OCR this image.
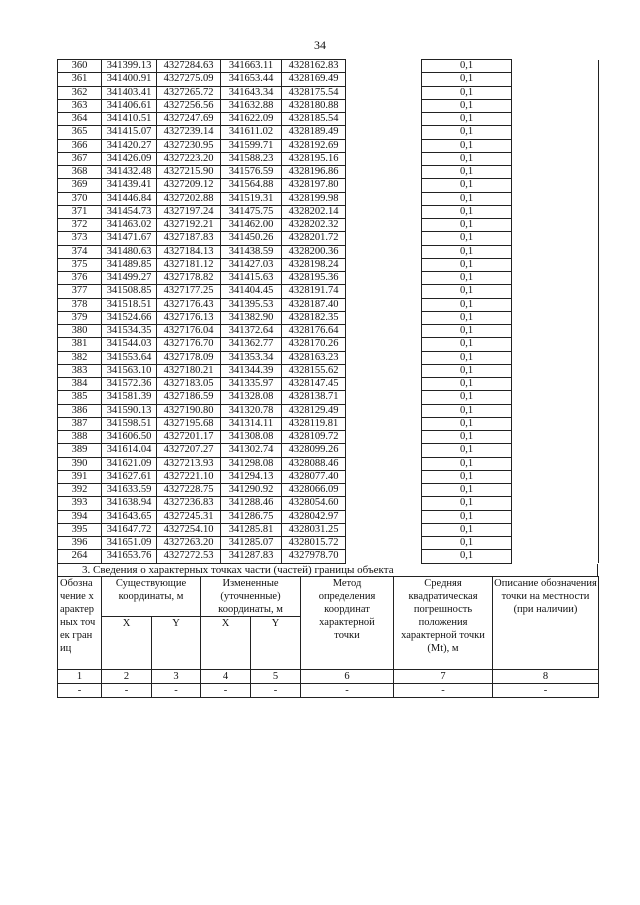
34
360	341399.13	4327284.63	341663.11	4328162.83		0,1	
361	341400.91	4327275.09	341653.44	4328169.49		0,1	
362	341403.41	4327265.72	341643.34	4328175.54		0,1	
363	341406.61	4327256.56	341632.88	4328180.88		0,1	
364	341410.51	4327247.69	341622.09	4328185.54		0,1	
365	341415.07	4327239.14	341611.02	4328189.49		0,1	
366	341420.27	4327230.95	341599.71	4328192.69		0,1	
367	341426.09	4327223.20	341588.23	4328195.16		0,1	
368	341432.48	4327215.90	341576.59	4328196.86		0,1	
369	341439.41	4327209.12	341564.88	4328197.80		0,1	
370	341446.84	4327202.88	341519.31	4328199.98		0,1	
371	341454.73	4327197.24	341475.75	4328202.14		0,1	
372	341463.02	4327192.21	341462.00	4328202.32		0,1	
373	341471.67	4327187.83	341450.26	4328201.72		0,1	
374	341480.63	4327184.13	341438.59	4328200.36		0,1	
375	341489.85	4327181.12	341427.03	4328198.24		0,1	
376	341499.27	4327178.82	341415.63	4328195.36		0,1	
377	341508.85	4327177.25	341404.45	4328191.74		0,1	
378	341518.51	4327176.43	341395.53	4328187.40		0,1	
379	341524.66	4327176.13	341382.90	4328182.35		0,1	
380	341534.35	4327176.04	341372.64	4328176.64		0,1	
381	341544.03	4327176.70	341362.77	4328170.26		0,1	
382	341553.64	4327178.09	341353.34	4328163.23		0,1	
383	341563.10	4327180.21	341344.39	4328155.62		0,1	
384	341572.36	4327183.05	341335.97	4328147.45		0,1	
385	341581.39	4327186.59	341328.08	4328138.71		0,1	
386	341590.13	4327190.80	341320.78	4328129.49		0,1	
387	341598.51	4327195.68	341314.11	4328119.81		0,1	
388	341606.50	4327201.17	341308.08	4328109.72		0,1	
389	341614.04	4327207.27	341302.74	4328099.26		0,1	
390	341621.09	4327213.93	341298.08	4328088.46		0,1	
391	341627.61	4327221.10	341294.13	4328077.40		0,1	
392	341633.59	4327228.75	341290.92	4328066.09		0,1	
393	341638.94	4327236.83	341288.46	4328054.60		0,1	
394	341643.65	4327245.31	341286.75	4328042.97		0,1	
395	341647.72	4327254.10	341285.81	4328031.25		0,1	
396	341651.09	4327263.20	341285.07	4328015.72		0,1	
264	341653.76	4327272.53	341287.83	4327978.70		0,1	
3. Сведения о характерных точках части (частей) границы объекта
Обозначение характерных точек границ	Существующие координаты, м		Измененные (уточненные) координаты, м		Метод определения координат характерной точки	Средняя квадратическая погрешность положения характерной точки (Mt), м	Описание обозначения точки на местности (при наличии)

	X	Y	X	Y			
1	2	3	4	5	6	7	8
-	-	-	-	-	-	-	-
